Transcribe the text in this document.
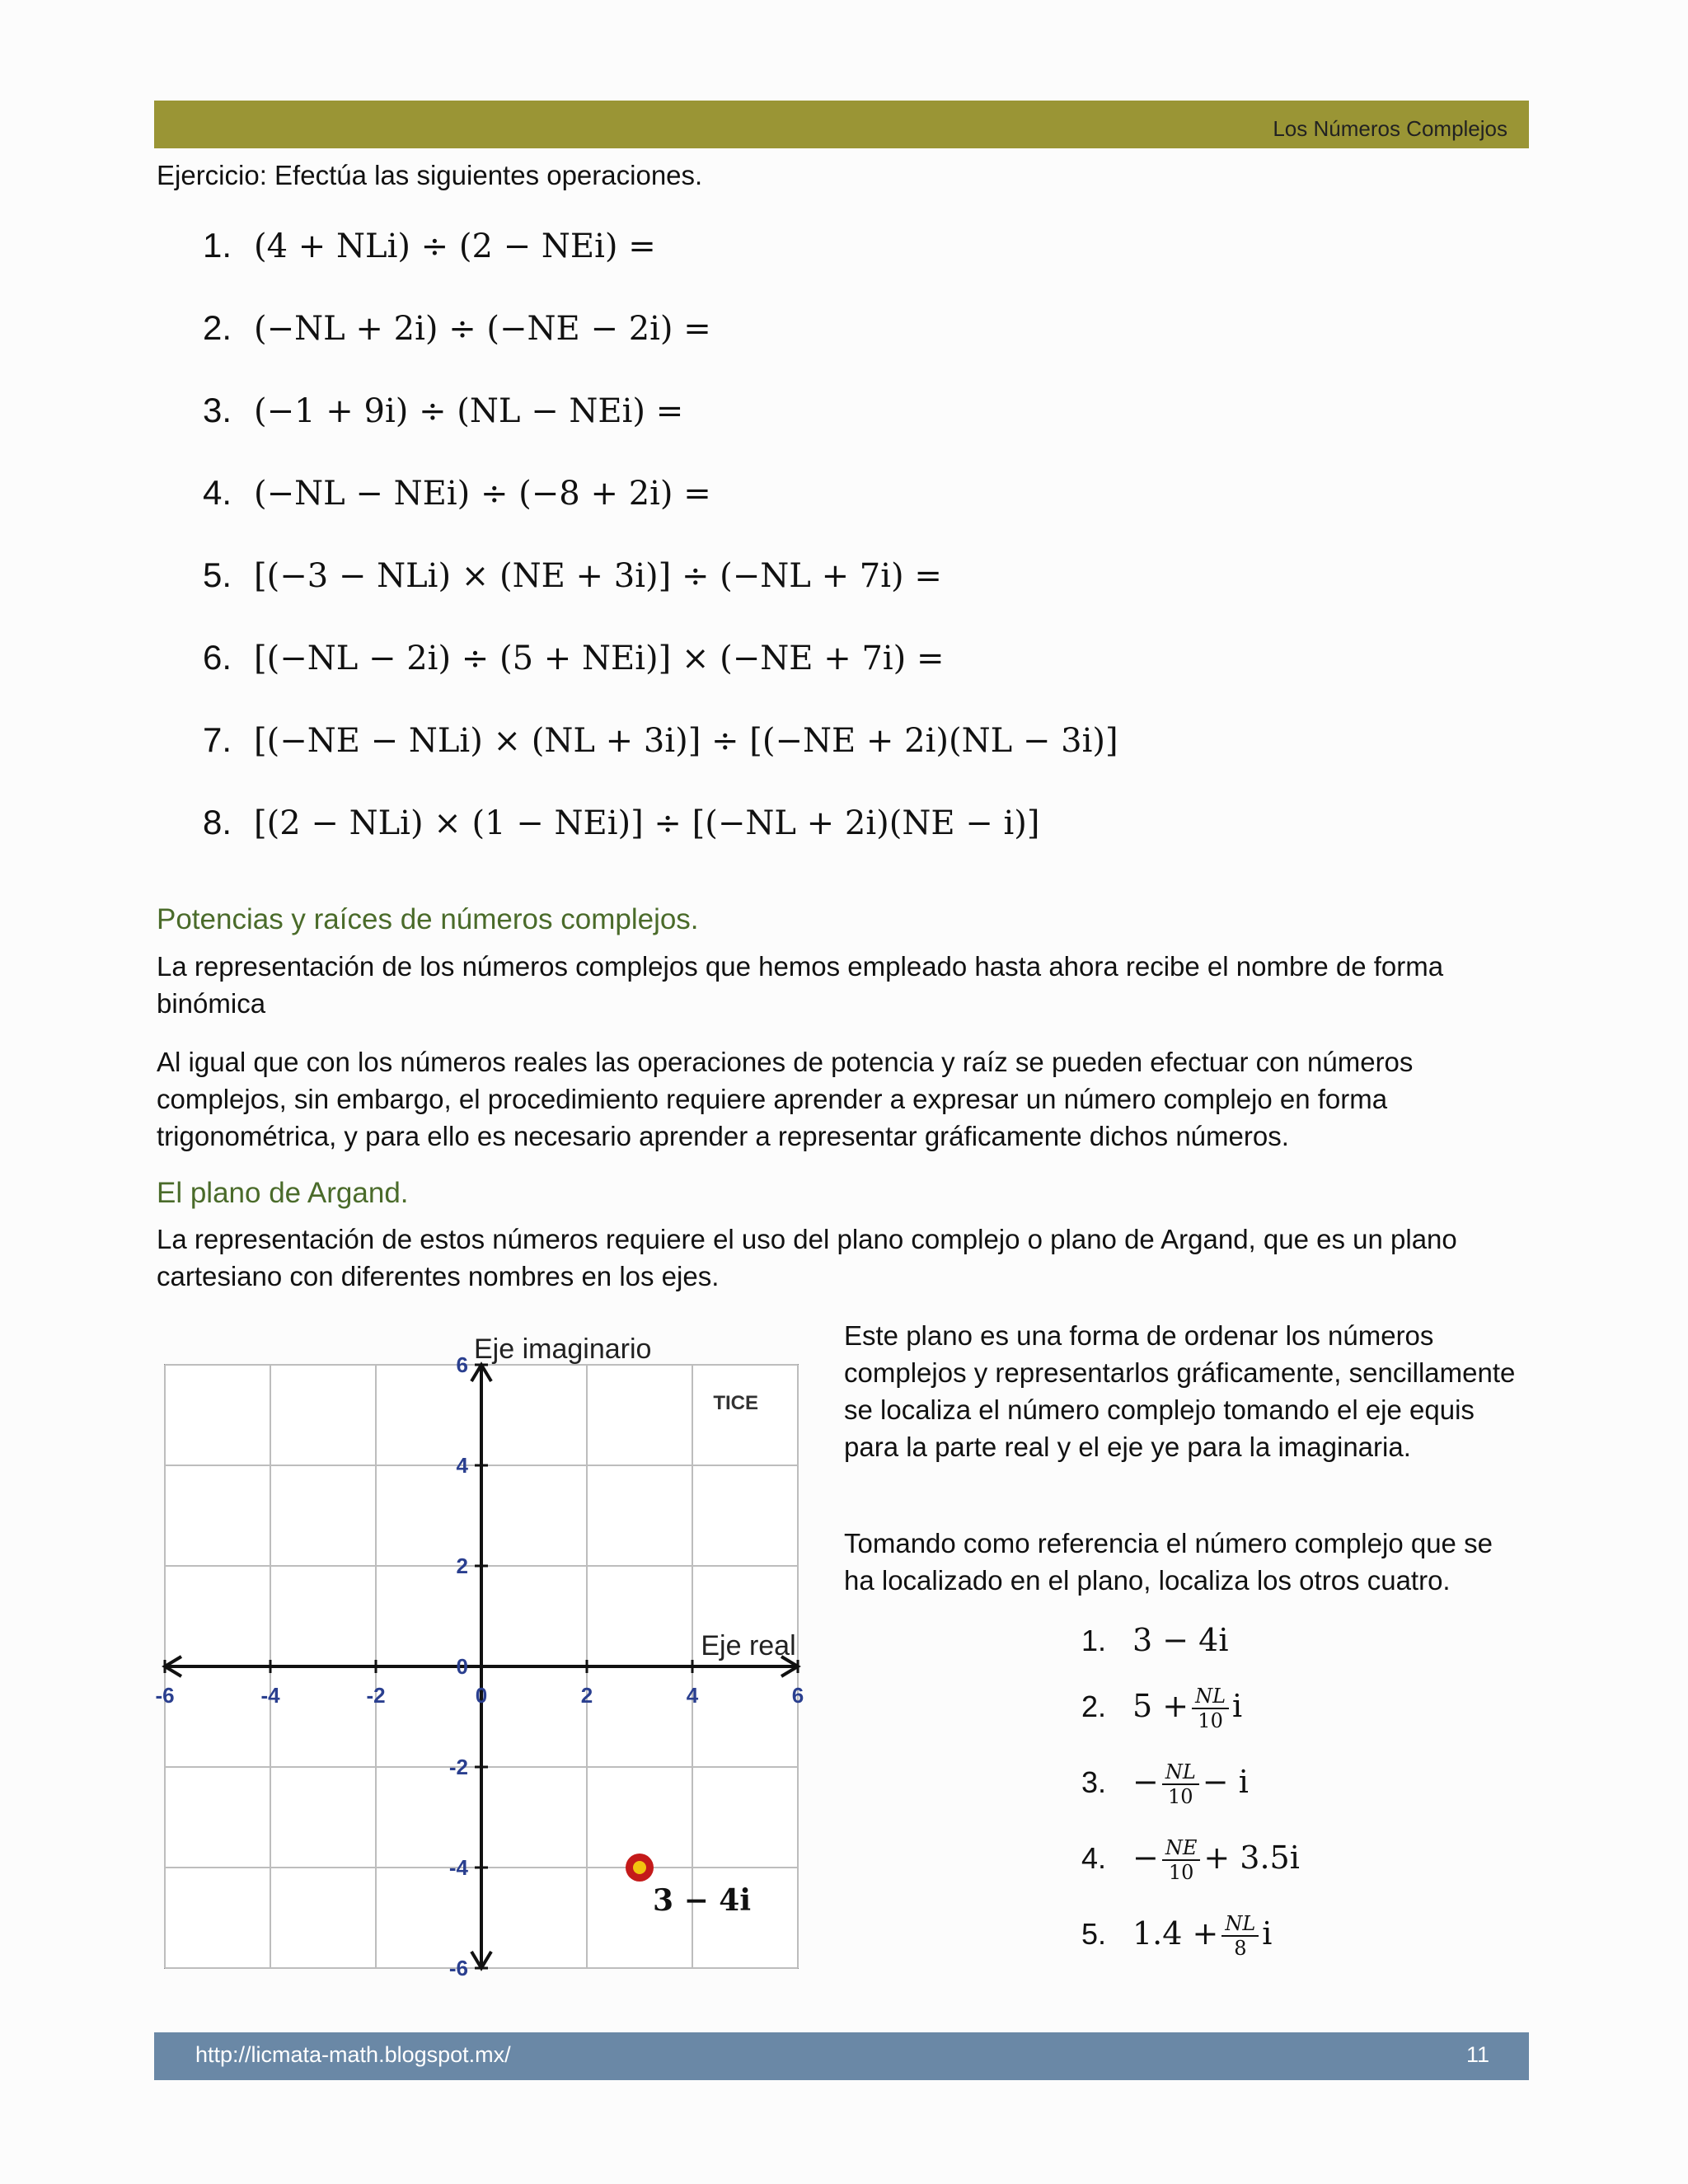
Los Números Complejos
Ejercicio: Efectúa las siguientes operaciones.
1. (4 + NLi) ÷ (2 − NEi) =
2. (−NL + 2i) ÷ (−NE − 2i) =
3. (−1 + 9i) ÷ (NL − NEi) =
4. (−NL − NEi) ÷ (−8 + 2i) =
5. [(−3 − NLi) × (NE + 3i)] ÷ (−NL + 7i) =
6. [(−NL − 2i) ÷ (5 + NEi)] × (−NE + 7i) =
7. [(−NE − NLi) × (NL + 3i)] ÷ [(−NE + 2i)(NL − 3i)]
8. [(2 − NLi) × (1 − NEi)] ÷ [(−NL + 2i)(NE − i)]
Potencias y raíces de números complejos.
La representación de los números complejos que hemos empleado hasta ahora recibe el nombre de forma binómica
Al igual que con los números reales las operaciones de potencia y raíz se pueden efectuar con números complejos, sin embargo, el procedimiento requiere aprender a expresar un número complejo en forma trigonométrica, y para ello es necesario aprender a representar gráficamente dichos números.
El plano de Argand.
La representación de estos números requiere el uso del plano complejo o plano de Argand, que es un plano cartesiano con diferentes nombres en los ejes.
-6	-4	-2	0	2	4	6
6
4
2
0
-2
-4
-6
Eje real
Eje imaginario
TICE
3 − 4i
Este plano es una forma de ordenar los números complejos y representarlos gráficamente, sencillamente se localiza el número complejo tomando el eje equis para la parte real y el eje ye para la imaginaria.
Tomando como referencia el número complejo que se ha localizado en el plano, localiza los otros cuatro.
1. 3 − 4i
2. $5 + \frac{NL}{10}$ i
3. − $\frac{NL}{10} - i$
4. − $\frac{NE}{10} + 3.5i$
5. $1.4 + \frac{NL}{8}$ i
http://licmata-math.blogspot.mx/	11
